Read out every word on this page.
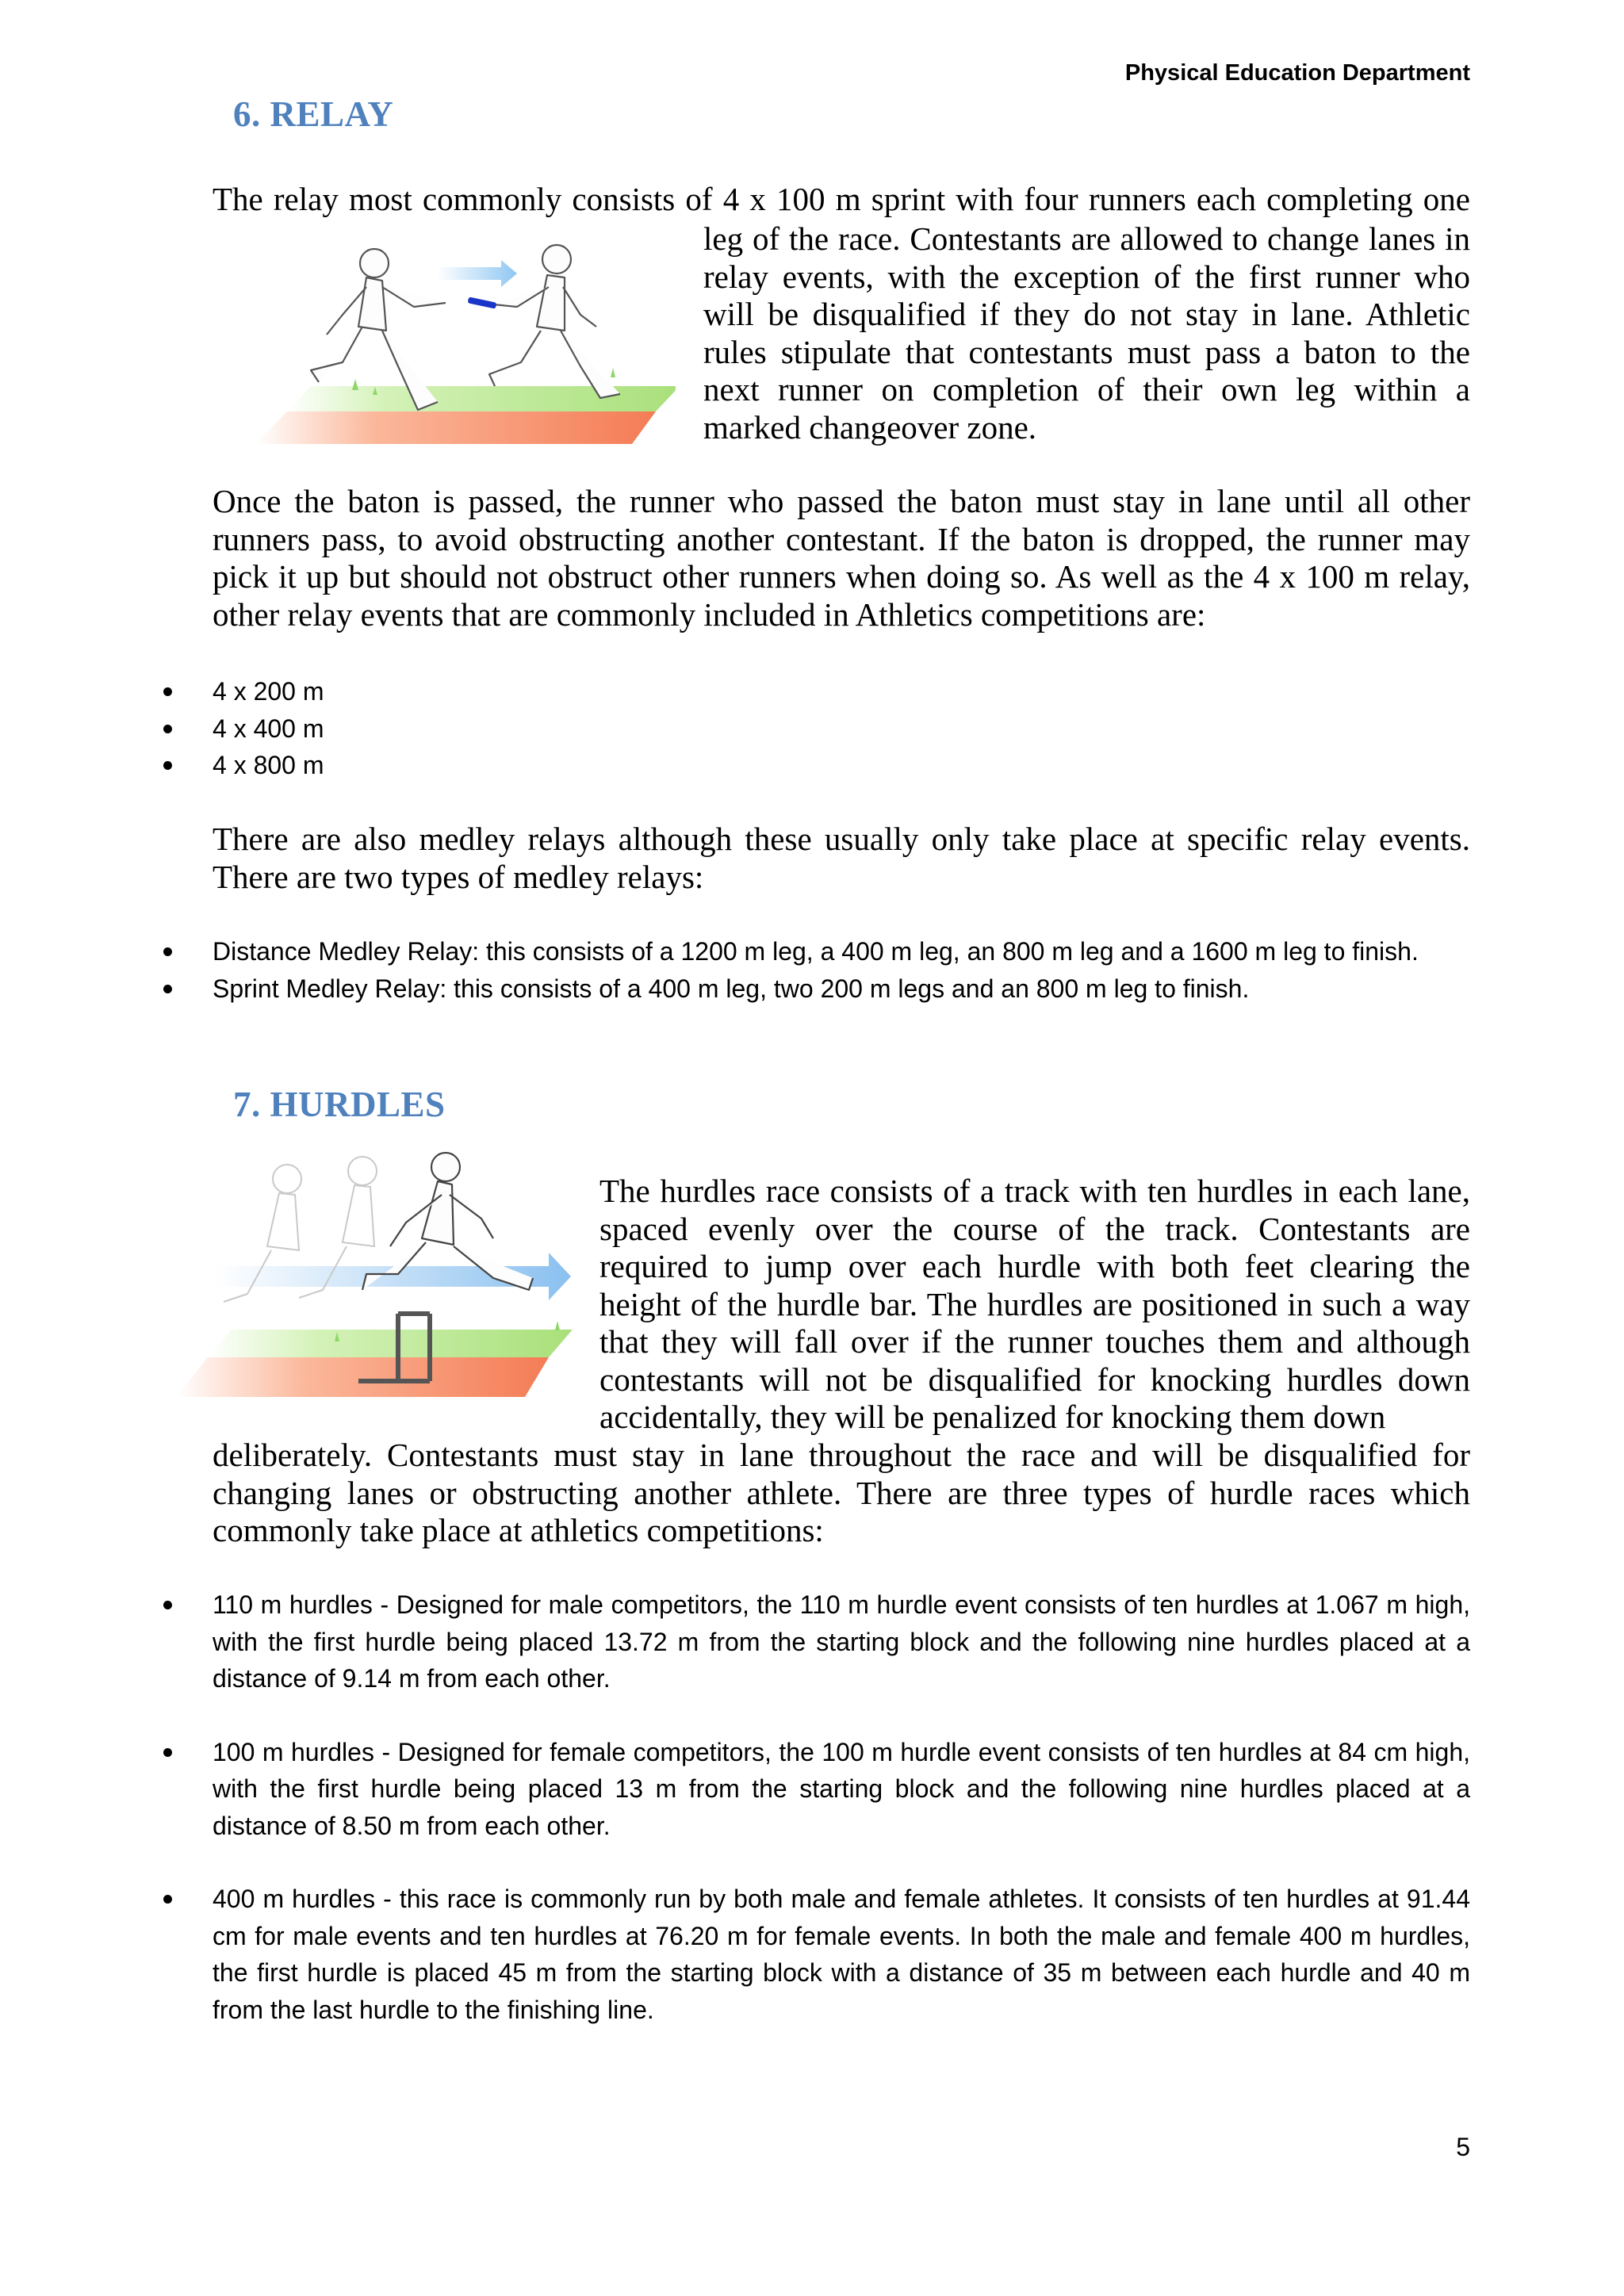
Physical Education Department
6. RELAY

The relay most commonly consists of 4 x 100 m sprint with four runners each completing one

leg of the race. Contestants are allowed to change lanes in relay events, with the exception of the first runner who will be disqualified if they do not stay in lane. Athletic rules stipulate that contestants must pass a baton to the next runner on completion of their own leg within a marked changeover zone.

Once the baton is passed, the runner who passed the baton must stay in lane until all other runners pass, to avoid obstructing another contestant. If the baton is dropped, the runner may pick it up but should not obstruct other runners when doing so. As well as the 4 x 100 m relay, other relay events that are commonly included in Athletics competitions are:

4 x 200 m
4 x 400 m
4 x 800 m

There are also medley relays although these usually only take place at specific relay events. There are two types of medley relays:

Distance Medley Relay: this consists of a 1200 m leg, a 400 m leg, an 800 m leg and a 1600 m leg to finish.
Sprint Medley Relay: this consists of a 400 m leg, two 200 m legs and an 800 m leg to finish.
7. HURDLES

The hurdles race consists of a track with ten hurdles in each lane, spaced evenly over the course of the track. Contestants are required to jump over each hurdle with both feet clearing the height of the hurdle bar. The hurdles are positioned in such a way that they will fall over if the runner touches them and although contestants will not be disqualified for knocking hurdles down accidentally, they will be penalized for knocking them down

deliberately. Contestants must stay in lane throughout the race and will be disqualified for changing lanes or obstructing another athlete. There are three types of hurdle races which commonly take place at athletics competitions:

110 m hurdles - Designed for male competitors, the 110 m hurdle event consists of ten hurdles at 1.067 m high, with the first hurdle being placed 13.72 m from the starting block and the following nine hurdles placed at a distance of 9.14 m from each other.
100 m hurdles - Designed for female competitors, the 100 m hurdle event consists of ten hurdles at 84 cm high, with the first hurdle being placed 13 m from the starting block and the following nine hurdles placed at a distance of 8.50 m from each other.
400 m hurdles - this race is commonly run by both male and female athletes. It consists of ten hurdles at 91.44 cm for male events and ten hurdles at 76.20 m for female events. In both the male and female 400 m hurdles, the first hurdle is placed 45 m from the starting block with a distance of 35 m between each hurdle and 40 m from the last hurdle to the finishing line.
5
